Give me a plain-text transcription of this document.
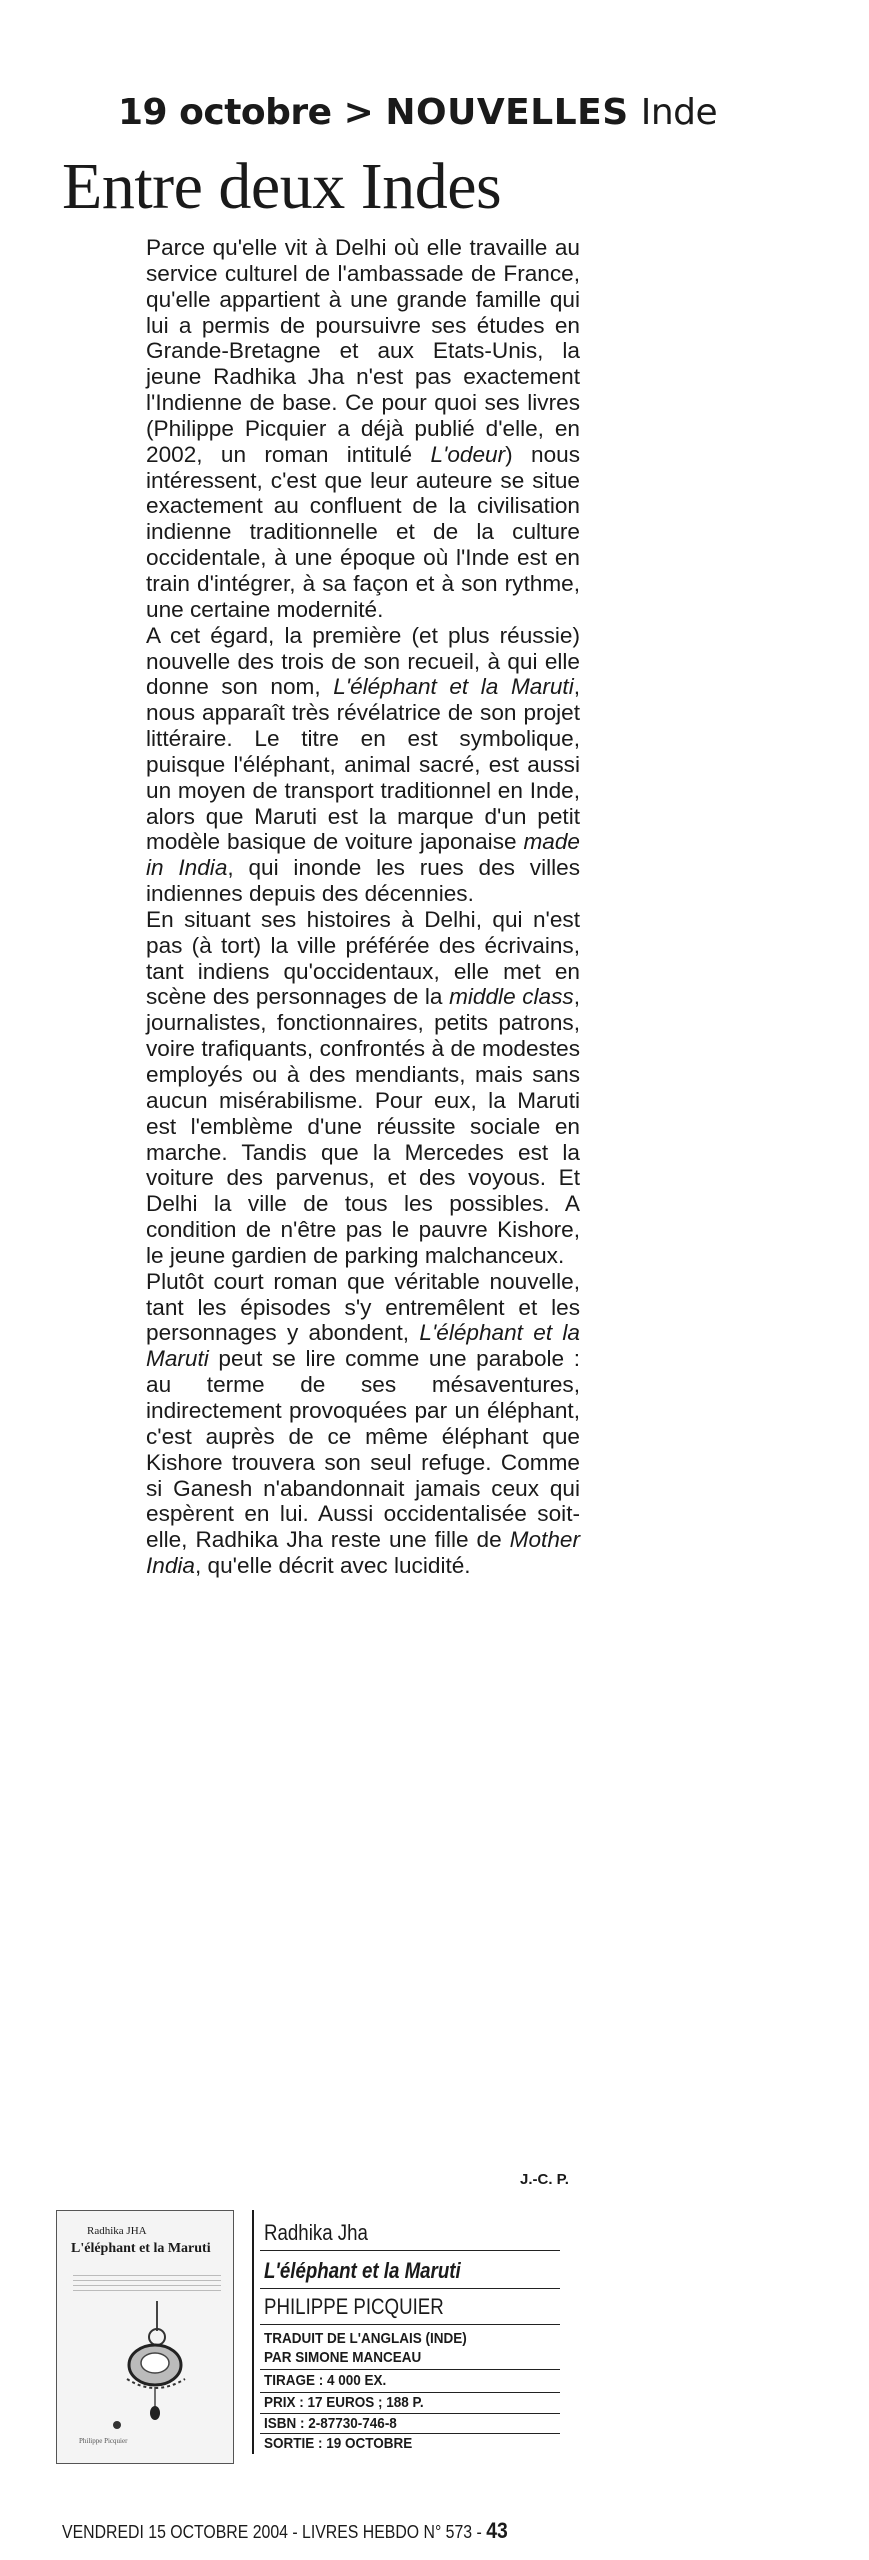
19 octobre > NOUVELLES Inde
Entre deux Indes

Parce qu'elle vit à Delhi où elle travaille au service culturel de l'ambassade de France, qu'elle appartient à une grande famille qui lui a permis de poursuivre ses études en Grande-Bretagne et aux Etats-Unis, la jeune Radhika Jha n'est pas exactement l'Indienne de base. Ce pour quoi ses livres (Philippe Picquier a déjà publié d'elle, en 2002, un roman intitulé L'odeur) nous intéressent, c'est que leur auteure se situe exactement au confluent de la civilisation indienne traditionnelle et de la culture occidentale, à une époque où l'Inde est en train d'intégrer, à sa façon et à son rythme, une certaine modernité.

A cet égard, la première (et plus réussie) nouvelle des trois de son recueil, à qui elle donne son nom, L'éléphant et la Maruti, nous apparaît très révélatrice de son projet littéraire. Le titre en est symbolique, puisque l'éléphant, animal sacré, est aussi un moyen de transport traditionnel en Inde, alors que Maruti est la marque d'un petit modèle basique de voiture japonaise made in India, qui inonde les rues des villes indiennes depuis des décennies.

En situant ses histoires à Delhi, qui n'est pas (à tort) la ville préférée des écrivains, tant indiens qu'occidentaux, elle met en scène des personnages de la middle class, journalistes, fonctionnaires, petits patrons, voire trafiquants, confrontés à de modestes employés ou à des mendiants, mais sans aucun misérabilisme. Pour eux, la Maruti est l'emblème d'une réussite sociale en marche. Tandis que la Mercedes est la voiture des parvenus, et des voyous. Et Delhi la ville de tous les possibles. A condition de n'être pas le pauvre Kishore, le jeune gardien de parking malchanceux.

Plutôt court roman que véritable nouvelle, tant les épisodes s'y entremêlent et les personnages y abondent, L'éléphant et la Maruti peut se lire comme une parabole : au terme de ses mésaventures, indirectement provoquées par un éléphant, c'est auprès de ce même éléphant que Kishore trouvera son seul refuge. Comme si Ganesh n'abandonnait jamais ceux qui espèrent en lui. Aussi occidentalisée soit-elle, Radhika Jha reste une fille de Mother India, qu'elle décrit avec lucidité.

J.-C. P.
Radhika JHA
L'éléphant et la Maruti
Philippe Picquier
Radhika Jha
L'éléphant et la Maruti
PHILIPPE PICQUIER
TRADUIT DE L'ANGLAIS (INDE)
PAR SIMONE MANCEAU
TIRAGE : 4 000 EX.
PRIX : 17 EUROS ; 188 P.
ISBN : 2-87730-746-8
SORTIE : 19 OCTOBRE
VENDREDI 15 OCTOBRE 2004 - LIVRES HEBDO N° 573 - 43
